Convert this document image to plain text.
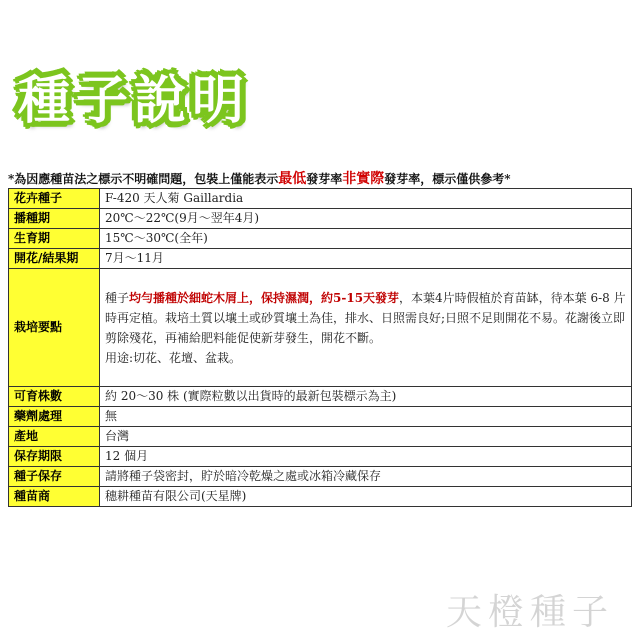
種子說明
*為因應種苗法之標示不明確問題，包裝上僅能表示最低發芽率非實際發芽率，標示僅供參考*
花卉種子	F-420 天人菊 Gaillardia
播種期	20℃～22℃(9月～翌年4月)
生育期	15℃～30℃(全年)
開花/結果期	7月～11月
栽培要點	種子均勻播種於細蛇木屑上，保持濕潤，約5-15天發芽，本葉4片時假植於育苗缽，待本葉 6-8 片時再定植。栽培土質以壤土或砂質壤土為佳，排水、日照需良好;日照不足則開花不易。花謝後立即剪除殘花，再補給肥料能促使新芽發生，開花不斷。
用途:切花、花壇、盆栽。
可育株數	約 20～30 株 (實際粒數以出貨時的最新包裝標示為主)
藥劑處理	無
產地	台灣
保存期限	12 個月
種子保存	請將種子袋密封，貯於暗冷乾燥之處或冰箱冷藏保存
種苗商	穗耕種苗有限公司(天星牌)
天橙種子
